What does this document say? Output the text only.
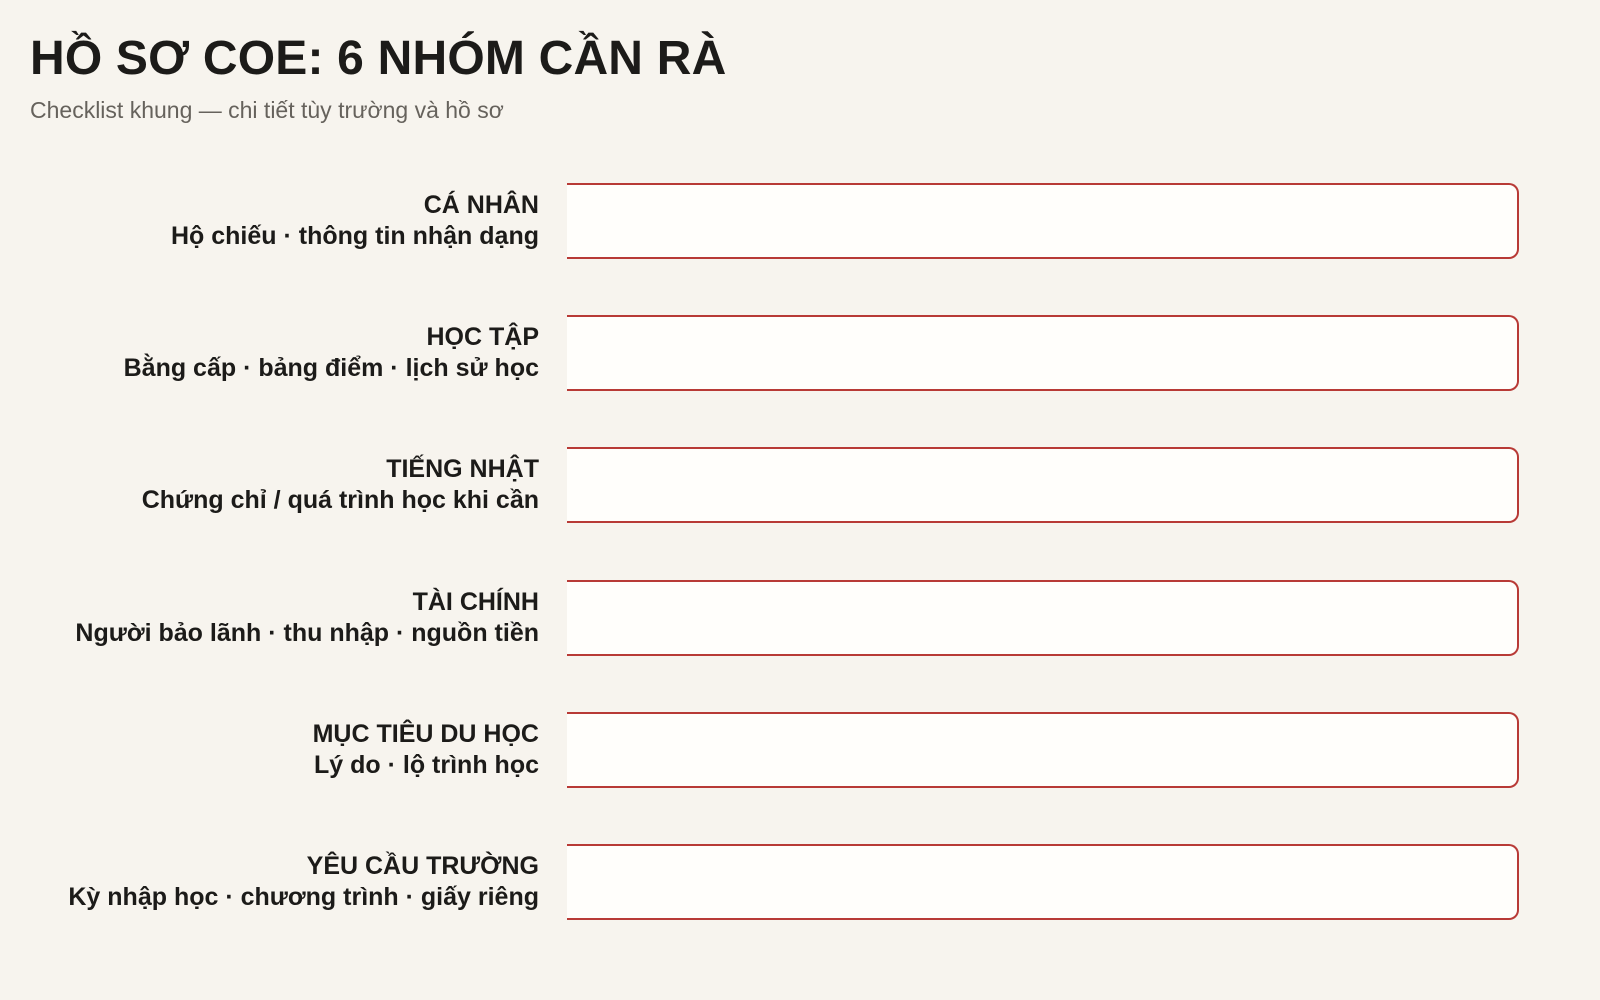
HỒ SƠ COE: 6 NHÓM CẦN RÀ

Checklist khung — chi tiết tùy trường và hồ sơ

CÁ NHÂN
Hộ chiếu · thông tin nhận dạng
HỌC TẬP
Bằng cấp · bảng điểm · lịch sử học
TIẾNG NHẬT
Chứng chỉ / quá trình học khi cần
TÀI CHÍNH
Người bảo lãnh · thu nhập · nguồn tiền
MỤC TIÊU DU HỌC
Lý do · lộ trình học
YÊU CẦU TRƯỜNG
Kỳ nhập học · chương trình · giấy riêng
